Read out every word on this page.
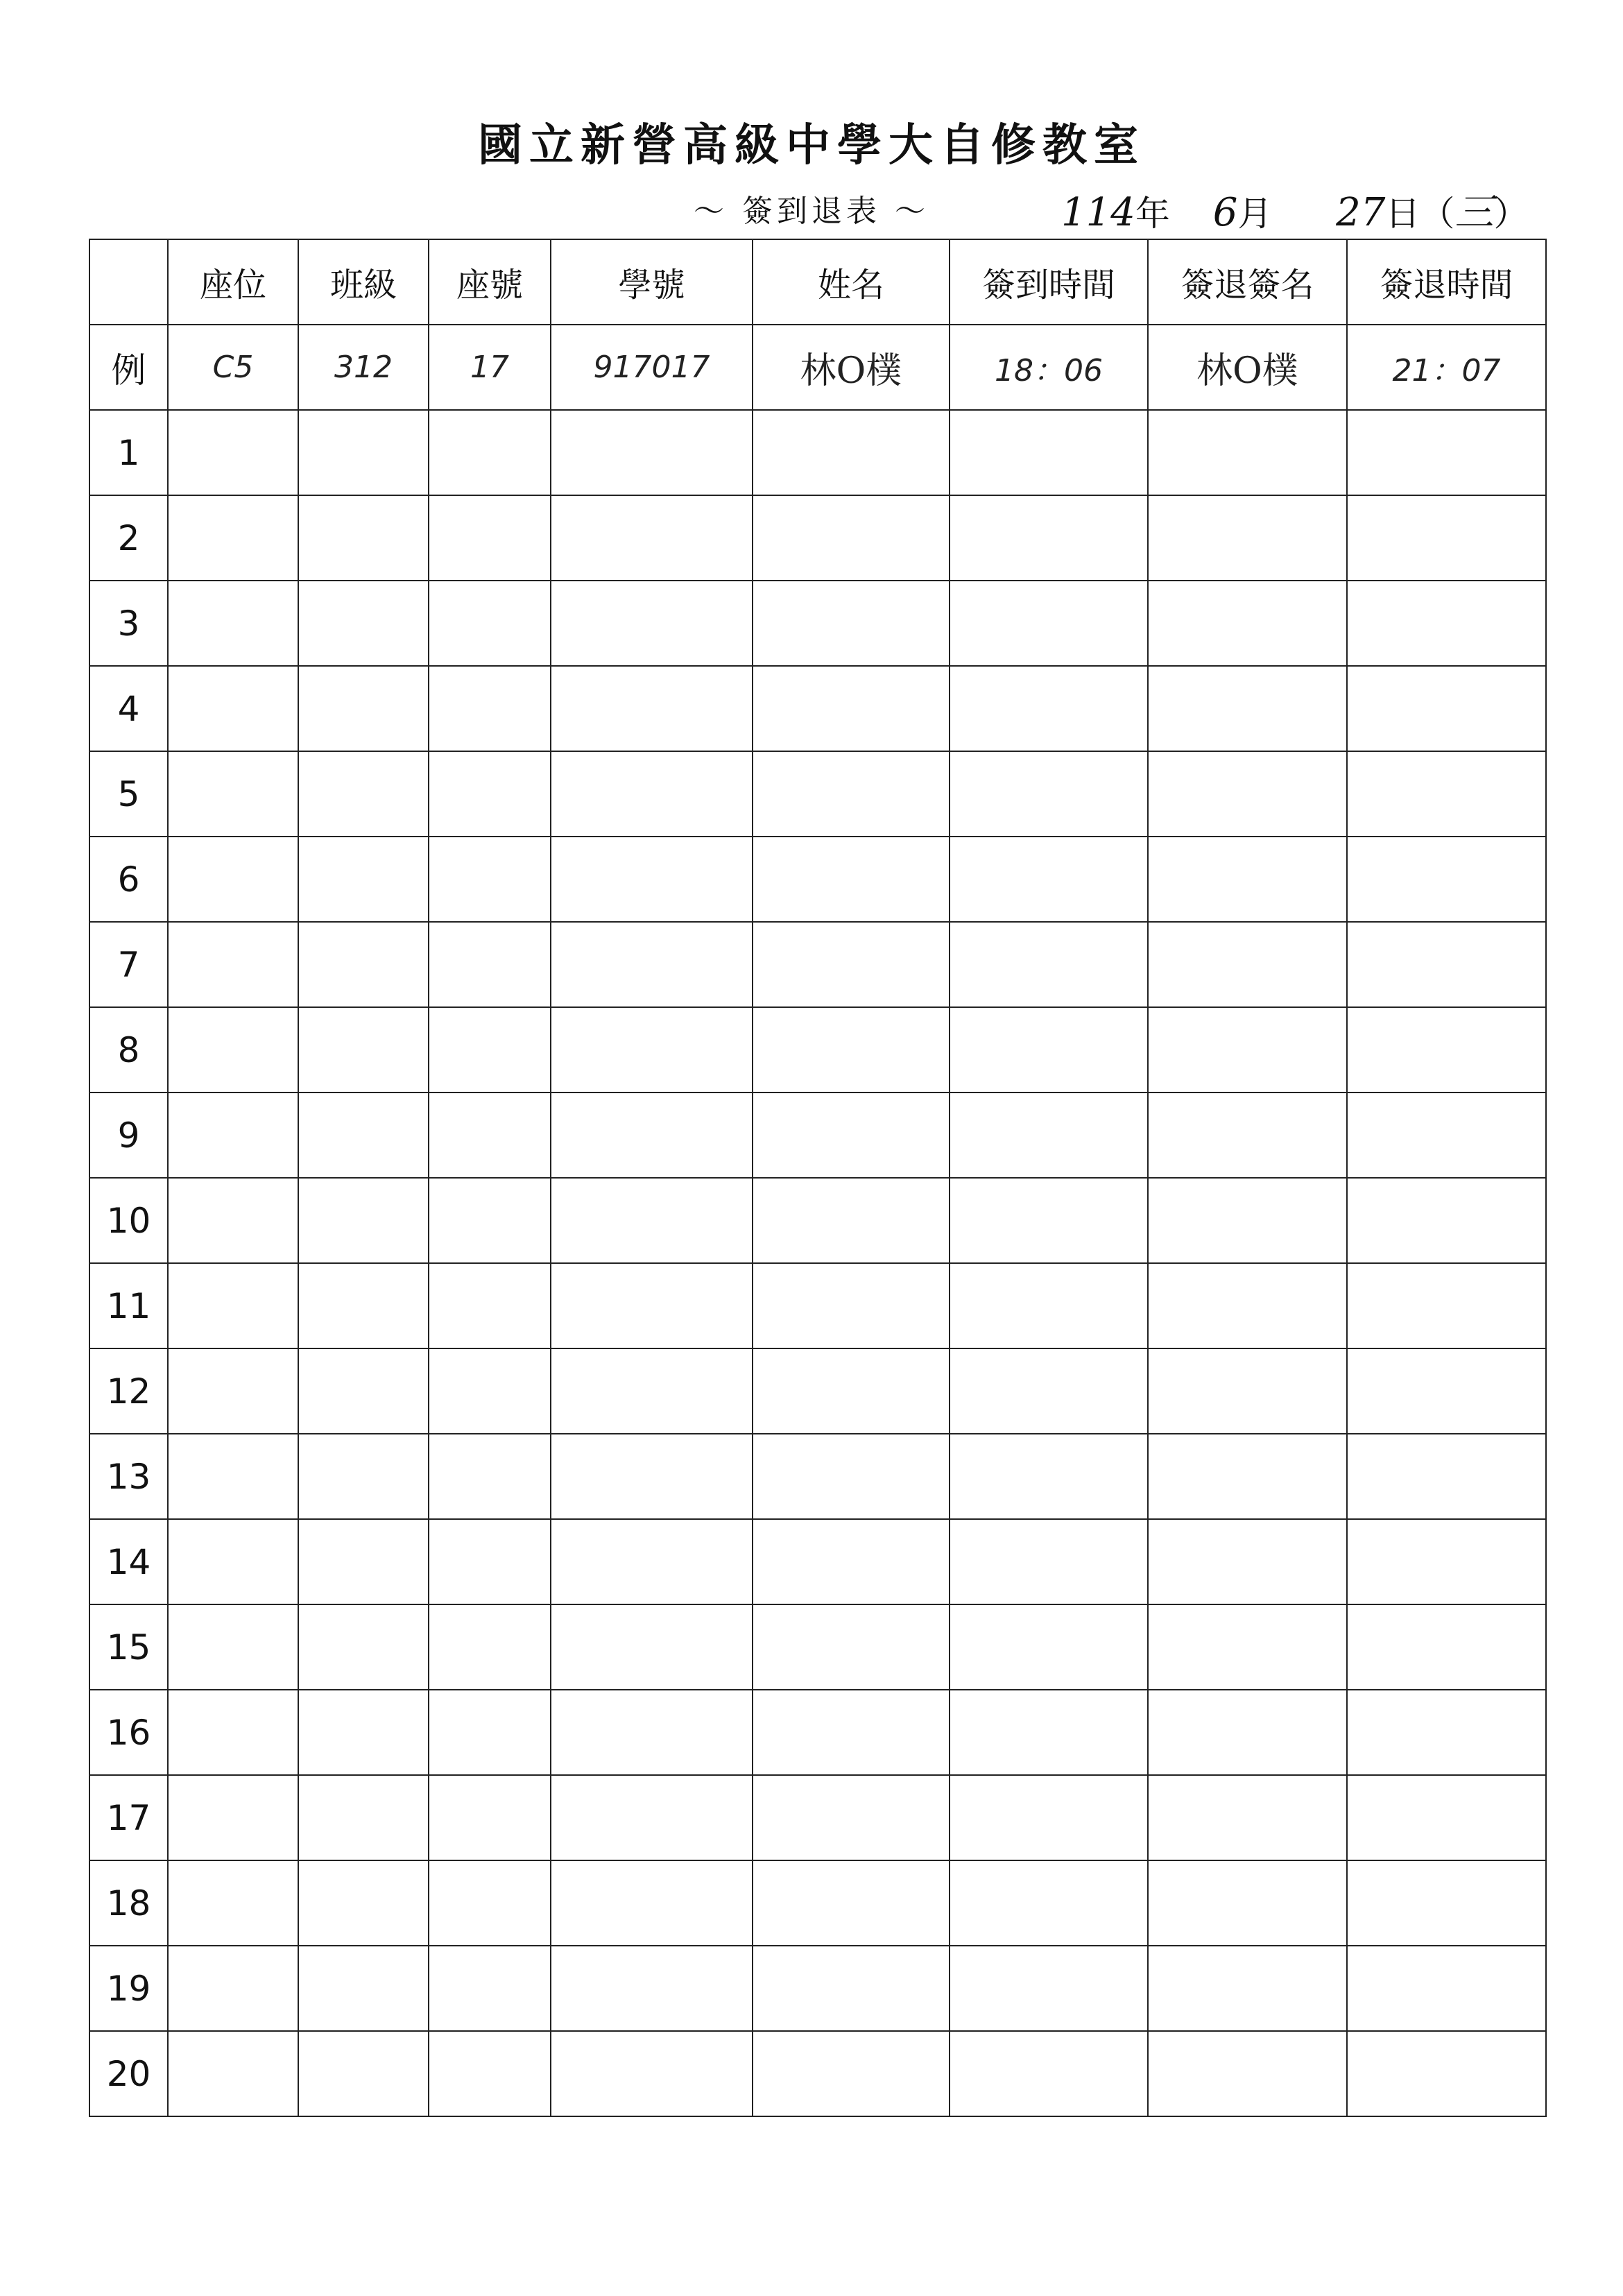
國立新營高級中學大自修教室
～ 簽到退表 ～	114年 6月 27日（三）
	座位	班級	座號	學號	姓名	簽到時間	簽退簽名	簽退時間
例	C5	312	17	917017	林O樸	18：06	林O樸	21：07
1								
2								
3								
4								
5								
6								
7								
8								
9								
10								
11								
12								
13								
14								
15								
16								
17								
18								
19								
20								
